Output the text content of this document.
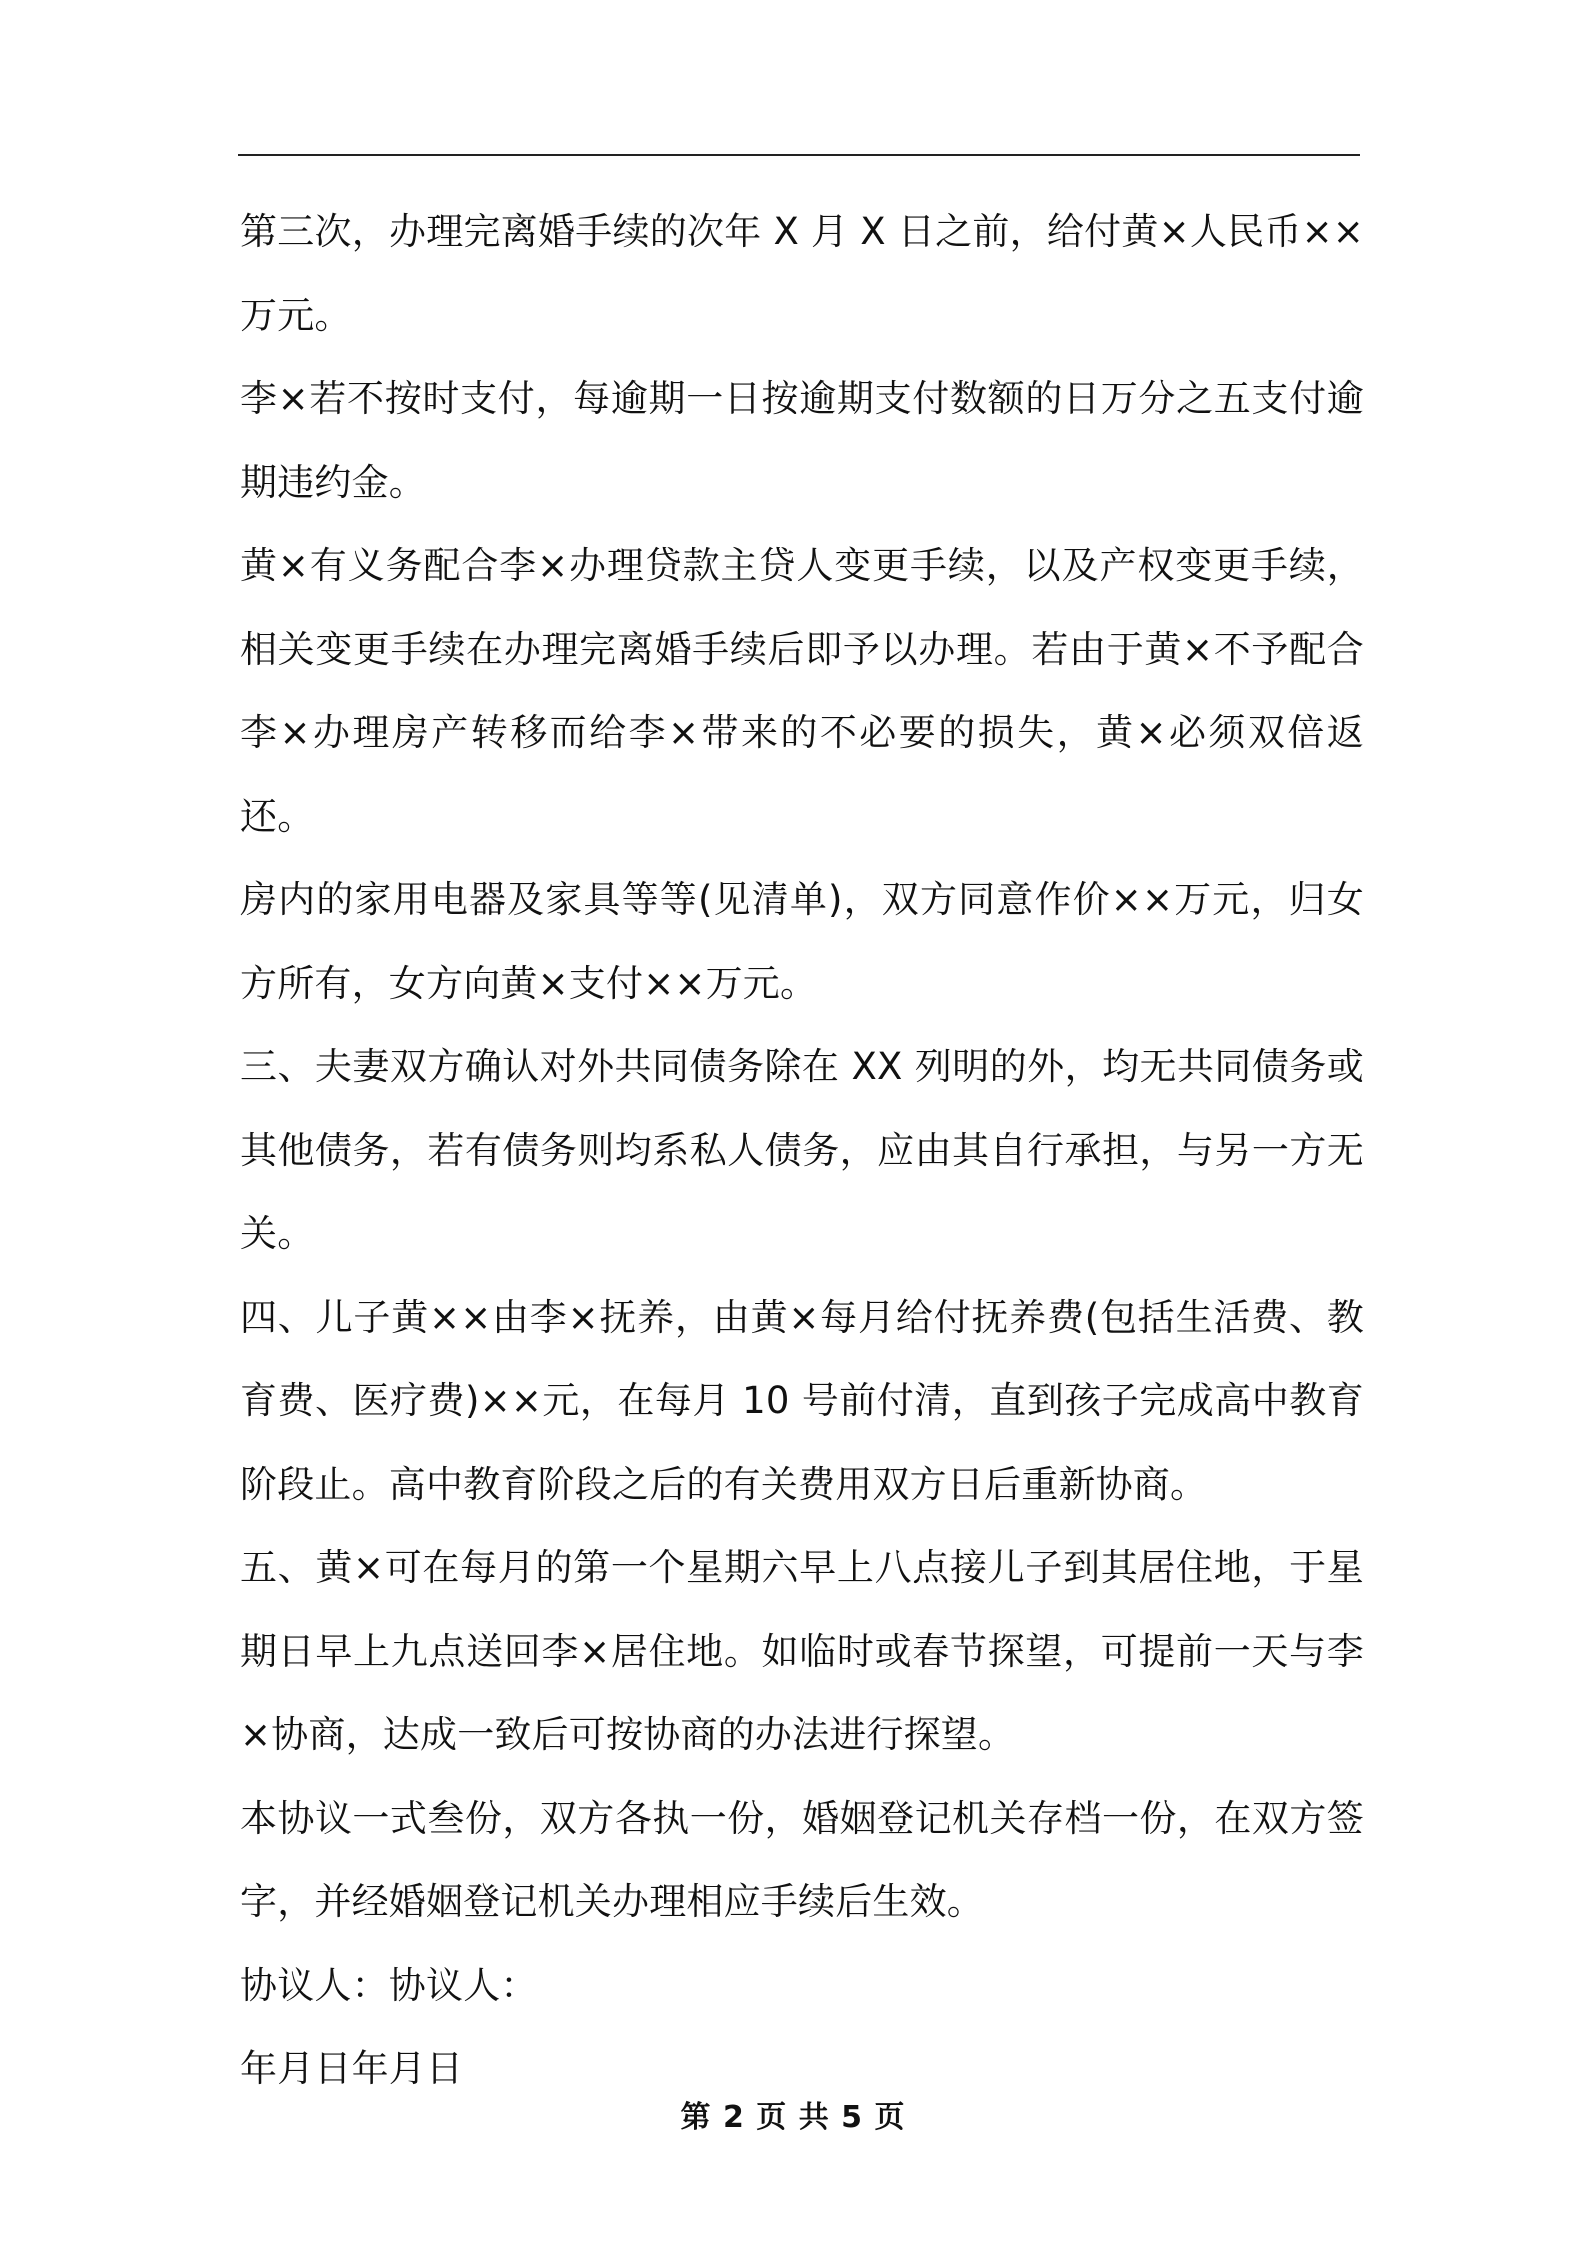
第三次，办理完离婚手续的次年 X 月 X 日之前，给付黄×人民币××万元。

李×若不按时支付，每逾期一日按逾期支付数额的日万分之五支付逾期违约金。

黄×有义务配合李×办理贷款主贷人变更手续，以及产权变更手续，相关变更手续在办理完离婚手续后即予以办理。若由于黄×不予配合李×办理房产转移而给李×带来的不必要的损失，黄×必须双倍返还。

房内的家用电器及家具等等(见清单)，双方同意作价××万元，归女方所有，女方向黄×支付××万元。

三、夫妻双方确认对外共同债务除在 XX 列明的外，均无共同债务或其他债务，若有债务则均系私人债务，应由其自行承担，与另一方无关。

四、儿子黄××由李×抚养，由黄×每月给付抚养费(包括生活费、教育费、医疗费)××元，在每月 10 号前付清，直到孩子完成高中教育阶段止。高中教育阶段之后的有关费用双方日后重新协商。

五、黄×可在每月的第一个星期六早上八点接儿子到其居住地，于星期日早上九点送回李×居住地。如临时或春节探望，可提前一天与李×协商，达成一致后可按协商的办法进行探望。

本协议一式叁份，双方各执一份，婚姻登记机关存档一份，在双方签字，并经婚姻登记机关办理相应手续后生效。

协议人：协议人：

年月日年月日

第 2 页 共 5 页
